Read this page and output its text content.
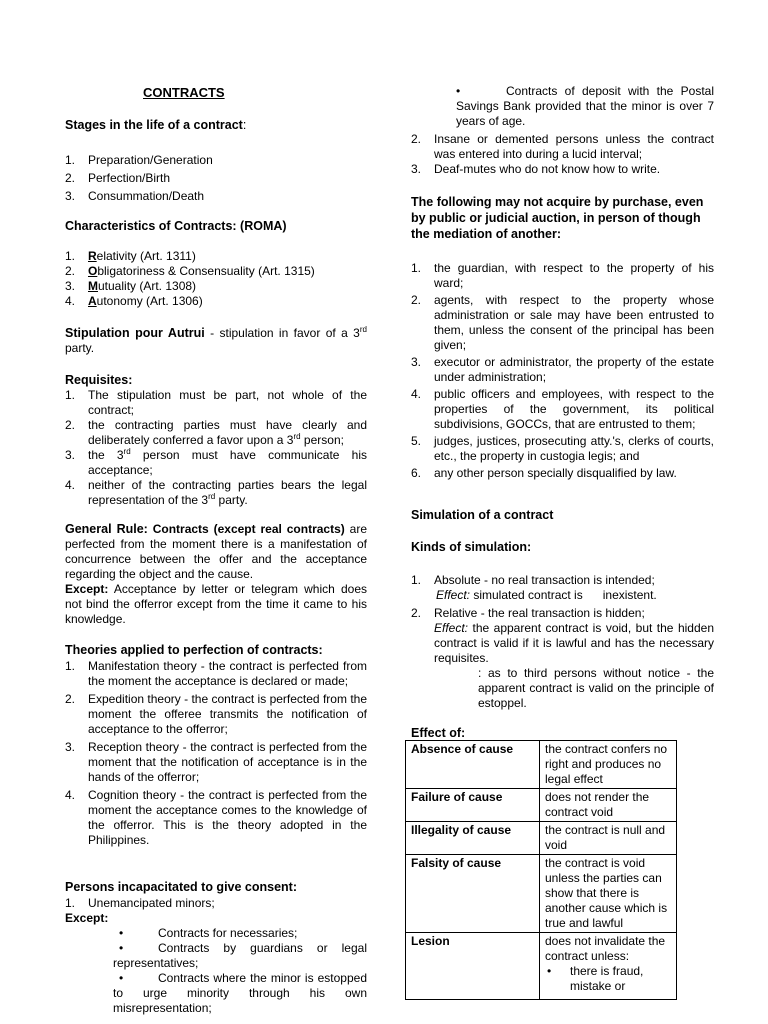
CONTRACTS
Stages in the life of a contract:
1. Preparation/Generation
2. Perfection/Birth
3. Consummation/Death
Characteristics of Contracts: (ROMA)
1. Relativity (Art. 1311)
2. Obligatoriness & Consensuality (Art. 1315)
3. Mutuality (Art. 1308)
4. Autonomy (Art. 1306)
Stipulation pour Autrui - stipulation in favor of a 3rd party.
Requisites:
1. The stipulation must be part, not whole of the contract;
2. the contracting parties must have clearly and deliberately conferred a favor upon a 3rd person;
3. the 3rd person must have communicate his acceptance;
4. neither of the contracting parties bears the legal representation of the 3rd party.
General Rule: Contracts (except real contracts) are perfected from the moment there is a manifestation of concurrence between the offer and the acceptance regarding the object and the cause.
Except: Acceptance by letter or telegram which does not bind the offerror except from the time it came to his knowledge.
Theories applied to perfection of contracts:
1. Manifestation theory - the contract is perfected from the moment the acceptance is declared or made;
2. Expedition theory - the contract is perfected from the moment the offeree transmits the notification of acceptance to the offerror;
3. Reception theory - the contract is perfected from the moment that the notification of acceptance is in the hands of the offerror;
4. Cognition theory - the contract is perfected from the moment the acceptance comes to the knowledge of the offerror. This is the theory adopted in the Philippines.
Persons incapacitated to give consent:
1. Unemancipated minors;
Except:
•	Contracts for necessaries;
•	Contracts by guardians or legal representatives;
•	Contracts where the minor is estopped to urge minority through his own misrepresentation;
•	Contracts of deposit with the Postal Savings Bank provided that the minor is over 7 years of age.
2. Insane or demented persons unless the contract was entered into during a lucid interval;
3. Deaf-mutes who do not know how to write.
The following may not acquire by purchase, even by public or judicial auction, in person of though the mediation of another:
1. the guardian, with respect to the property of his ward;
2. agents, with respect to the property whose administration or sale may have been entrusted to them, unless the consent of the principal has been given;
3. executor or administrator, the property of the estate under administration;
4. public officers and employees, with respect to the properties of the government, its political subdivisions, GOCCs, that are entrusted to them;
5. judges, justices, prosecuting atty.'s, clerks of courts, etc., the property in custogia legis; and
6. any other person specially disqualified by law.
Simulation of a contract
Kinds of simulation:
1. Absolute - no real transaction is intended;
Effect: simulated contract is      inexistent.
2. Relative - the real transaction is hidden;
Effect: the apparent contract is void, but the hidden contract is valid if it is lawful and has the necessary requisites.
: as to third persons without notice - the apparent contract is valid on the principle of estoppel.
Effect of:
Absence of cause	the contract confers no right and produces no legal effect
Failure of cause	does not render the contract void
Illegality of cause	the contract is null and void
Falsity of cause	the contract is void unless the parties can show that there is another cause which is true and lawful
Lesion	does not invalidate the contract unless:
• there is fraud, mistake or
